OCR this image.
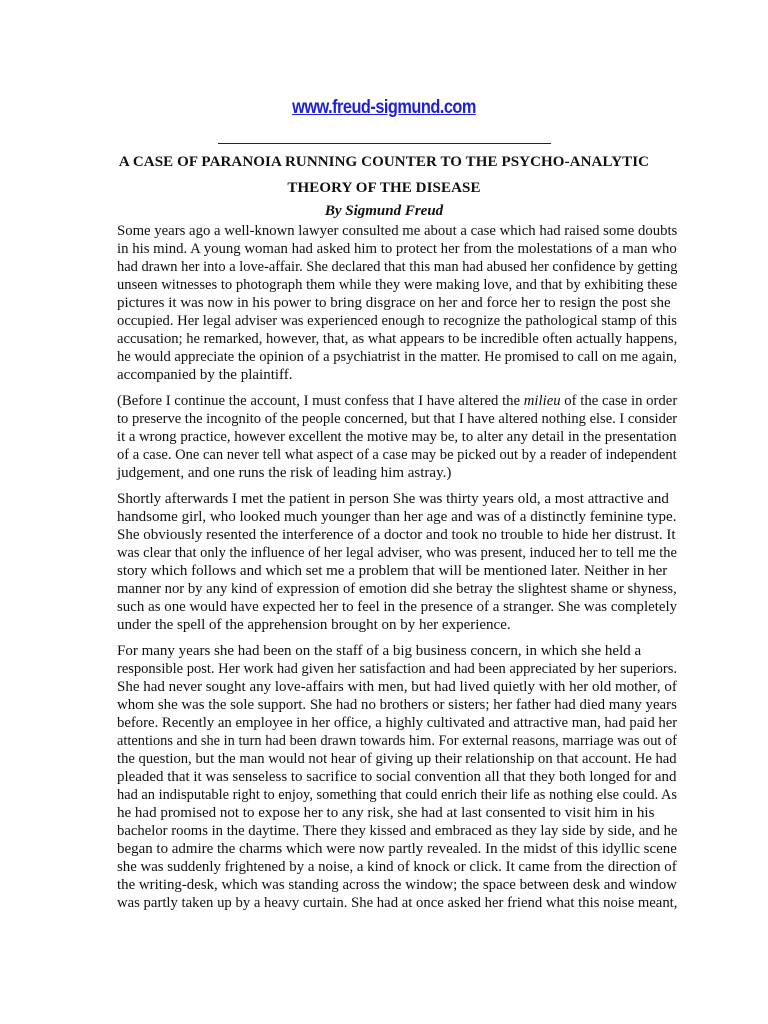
www.freud-sigmund.com
A CASE OF PARANOIA RUNNING COUNTER TO THE PSYCHO-ANALYTIC
THEORY OF THE DISEASE
By Sigmund Freud
Some years ago a well-known lawyer consulted me about a case which had raised some doubts
in his mind. A young woman had asked him to protect her from the molestations of a man who
had drawn her into a love-affair. She declared that this man had abused her confidence by getting
unseen witnesses to photograph them while they were making love, and that by exhibiting these
pictures it was now in his power to bring disgrace on her and force her to resign the post she
occupied. Her legal adviser was experienced enough to recognize the pathological stamp of this
accusation; he remarked, however, that, as what appears to be incredible often actually happens,
he would appreciate the opinion of a psychiatrist in the matter. He promised to call on me again,
accompanied by the plaintiff.
(Before I continue the account, I must confess that I have altered the milieu of the case in order
to preserve the incognito of the people concerned, but that I have altered nothing else. I consider
it a wrong practice, however excellent the motive may be, to alter any detail in the presentation
of a case. One can never tell what aspect of a case may be picked out by a reader of independent
judgement, and one runs the risk of leading him astray.)
Shortly afterwards I met the patient in person She was thirty years old, a most attractive and
handsome girl, who looked much younger than her age and was of a distinctly feminine type.
She obviously resented the interference of a doctor and took no trouble to hide her distrust. It
was clear that only the influence of her legal adviser, who was present, induced her to tell me the
story which follows and which set me a problem that will be mentioned later. Neither in her
manner nor by any kind of expression of emotion did she betray the slightest shame or shyness,
such as one would have expected her to feel in the presence of a stranger. She was completely
under the spell of the apprehension brought on by her experience.
For many years she had been on the staff of a big business concern, in which she held a
responsible post. Her work had given her satisfaction and had been appreciated by her superiors.
She had never sought any love-affairs with men, but had lived quietly with her old mother, of
whom she was the sole support. She had no brothers or sisters; her father had died many years
before. Recently an employee in her office, a highly cultivated and attractive man, had paid her
attentions and she in turn had been drawn towards him. For external reasons, marriage was out of
the question, but the man would not hear of giving up their relationship on that account. He had
pleaded that it was senseless to sacrifice to social convention all that they both longed for and
had an indisputable right to enjoy, something that could enrich their life as nothing else could. As
he had promised not to expose her to any risk, she had at last consented to visit him in his
bachelor rooms in the daytime. There they kissed and embraced as they lay side by side, and he
began to admire the charms which were now partly revealed. In the midst of this idyllic scene
she was suddenly frightened by a noise, a kind of knock or click. It came from the direction of
the writing-desk, which was standing across the window; the space between desk and window
was partly taken up by a heavy curtain. She had at once asked her friend what this noise meant,
